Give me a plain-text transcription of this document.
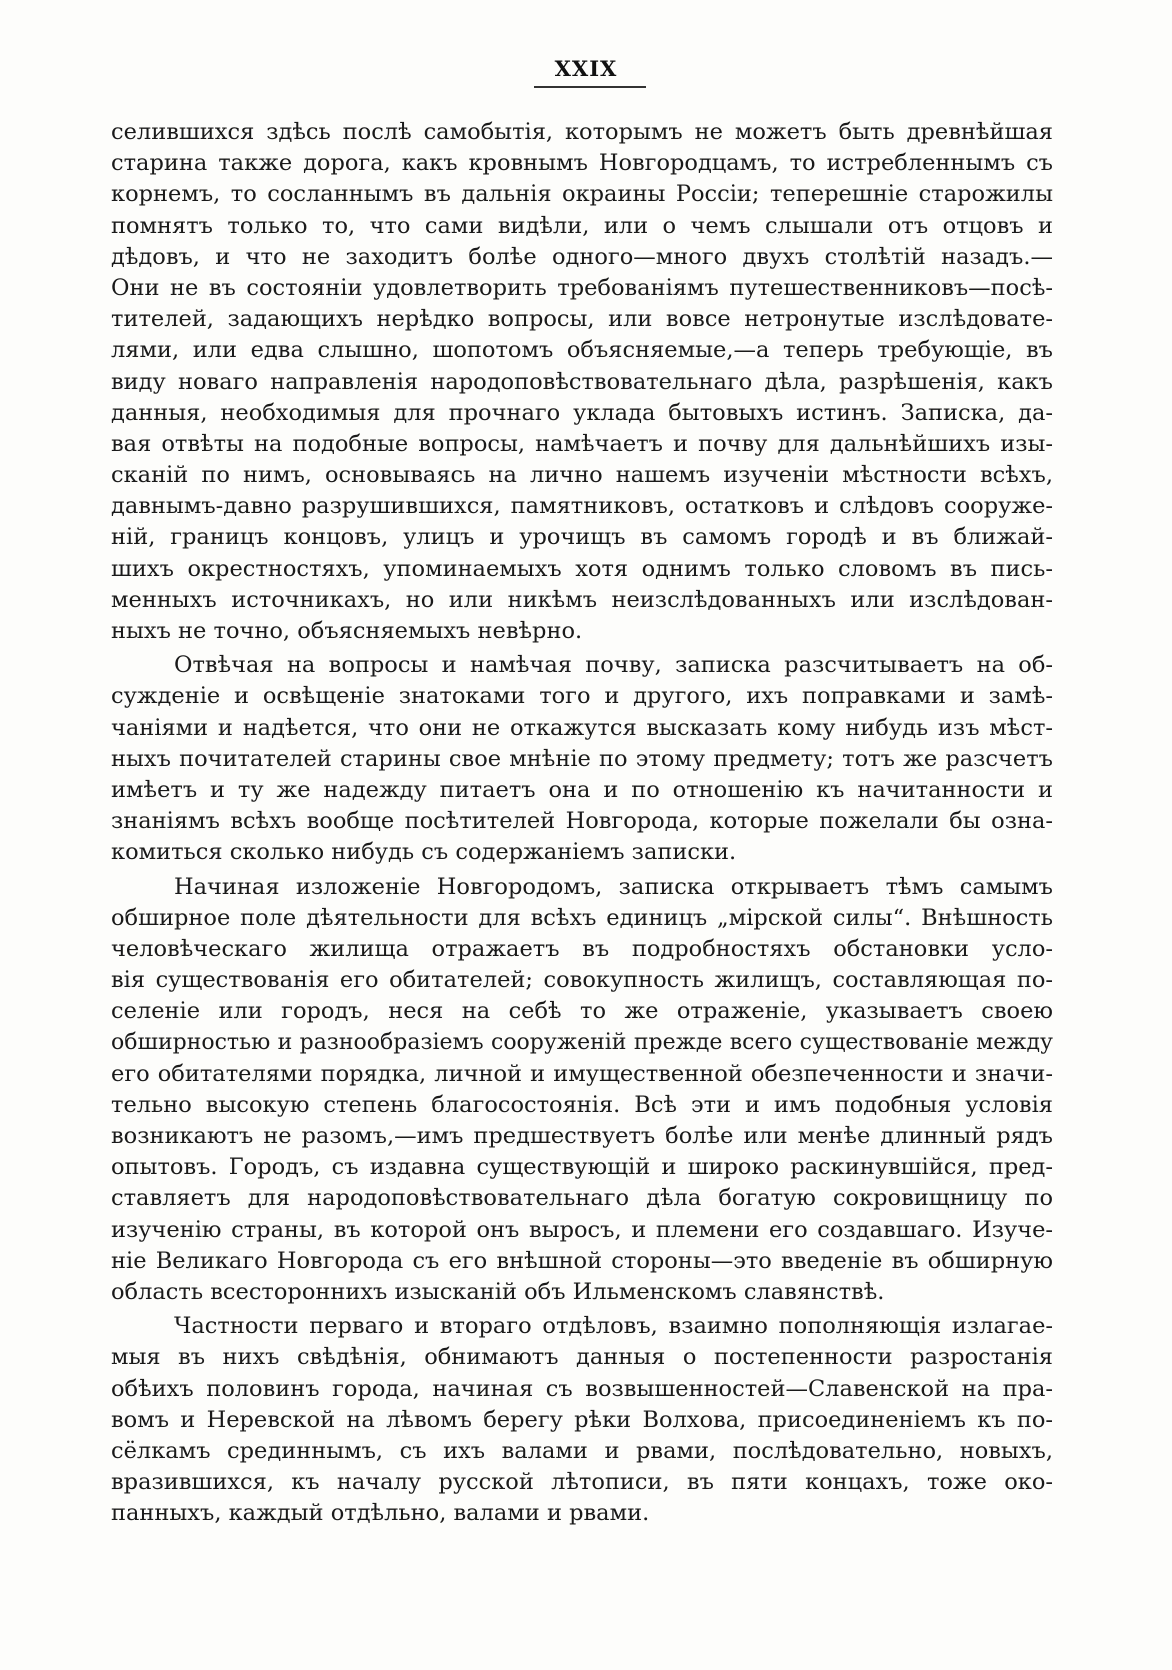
XXIX
селившихся здѣсь послѣ самобытія, которымъ не можетъ быть древнѣйшая
старина также дорога, какъ кровнымъ Новгородцамъ, то истребленнымъ съ
корнемъ, то сосланнымъ въ дальнія окраины Россіи; теперешніе старожилы
помнятъ только то, что сами видѣли, или о чемъ слышали отъ отцовъ и
дѣдовъ, и что не заходитъ болѣе одного—много двухъ столѣтій назадъ.—
Они не въ состояніи удовлетворить требованіямъ путешественниковъ—посѣ-
тителей, задающихъ нерѣдко вопросы, или вовсе нетронутые изслѣдовате-
лями, или едва слышно, шопотомъ объясняемые,—а теперь требующіе, въ
виду новаго направленія народоповѣствовательнаго дѣла, разрѣшенія, какъ
данныя, необходимыя для прочнаго уклада бытовыхъ истинъ. Записка, да-
вая отвѣты на подобные вопросы, намѣчаетъ и почву для дальнѣйшихъ изы-
сканій по нимъ, основываясь на лично нашемъ изученіи мѣстности всѣхъ,
давнымъ-давно разрушившихся, памятниковъ, остатковъ и слѣдовъ сооруже-
ній, границъ концовъ, улицъ и урочищъ въ самомъ городѣ и въ ближай-
шихъ окрестностяхъ, упоминаемыхъ хотя однимъ только словомъ въ пись-
менныхъ источникахъ, но или никѣмъ неизслѣдованныхъ или изслѣдован-
ныхъ не точно, объясняемыхъ невѣрно.
Отвѣчая на вопросы и намѣчая почву, записка разсчитываетъ на об-
сужденіе и освѣщеніе знатоками того и другого, ихъ поправками и замѣ-
чаніями и надѣется, что они не откажутся высказать кому нибудь изъ мѣст-
ныхъ почитателей старины свое мнѣніе по этому предмету; тотъ же разсчетъ
имѣетъ и ту же надежду питаетъ она и по отношенію къ начитанности и
знаніямъ всѣхъ вообще посѣтителей Новгорода, которые пожелали бы озна-
комиться сколько нибудь съ содержаніемъ записки.
Начиная изложеніе Новгородомъ, записка открываетъ тѣмъ самымъ
обширное поле дѣятельности для всѣхъ единицъ „мірской силы“. Внѣшность
человѣческаго жилища отражаетъ въ подробностяхъ обстановки усло-
вія существованія его обитателей; совокупность жилищъ, составляющая по-
селеніе или городъ, неся на себѣ то же отраженіе, указываетъ своею
обширностью и разнообразіемъ сооруженій прежде всего существованіе между
его обитателями порядка, личной и имущественной обезпеченности и значи-
тельно высокую степень благосостоянія. Всѣ эти и имъ подобныя условія
возникаютъ не разомъ,—имъ предшествуетъ болѣе или менѣе длинный рядъ
опытовъ. Городъ, съ издавна существующій и широко раскинувшійся, пред-
ставляетъ для народоповѣствовательнаго дѣла богатую сокровищницу по
изученію страны, въ которой онъ выросъ, и племени его создавшаго. Изуче-
ніе Великаго Новгорода съ его внѣшной стороны—это введеніе въ обширную
область всестороннихъ изысканій объ Ильменскомъ славянствѣ.
Частности перваго и втораго отдѣловъ, взаимно пополняющія излагае-
мыя въ нихъ свѣдѣнія, обнимаютъ данныя о постепенности разростанія
обѣихъ половинъ города, начиная съ возвышенностей—Славенской на пра-
вомъ и Неревской на лѣвомъ берегу рѣки Волхова, присоединеніемъ къ по-
сёлкамъ срединнымъ, съ ихъ валами и рвами, послѣдовательно, новыхъ,
вразившихся, къ началу русской лѣтописи, въ пяти концахъ, тоже око-
панныхъ, каждый отдѣльно, валами и рвами.
